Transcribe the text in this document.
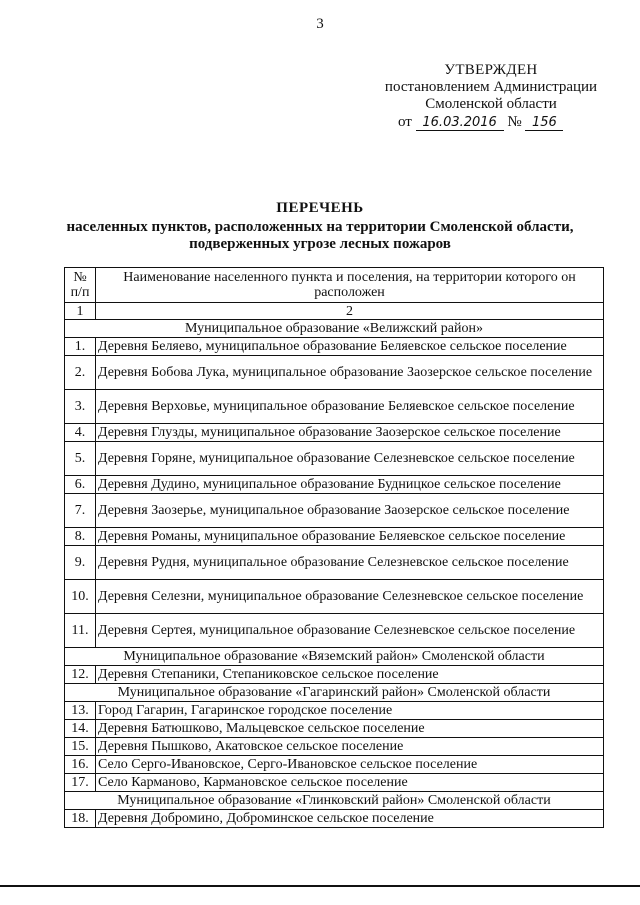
3
УТВЕРЖДЕН
постановлением Администрации
Смоленской области
от 16.03.2016 № 156
ПЕРЕЧЕНЬ
населенных пунктов, расположенных на территории Смоленской области,
подверженных угрозе лесных пожаров
№ п/п	Наименование населенного пункта и поселения, на территории которого он расположен
1	2
Муниципальное образование «Велижский район»	
1.	Деревня Беляево, муниципальное образование Беляевское сельское поселение
2.	Деревня Бобова Лука, муниципальное образование Заозерское сельское поселение
3.	Деревня Верховье, муниципальное образование Беляевское сельское поселение
4.	Деревня Глузды, муниципальное образование Заозерское сельское поселение
5.	Деревня Горяне, муниципальное образование Селезневское сельское поселение
6.	Деревня Дудино, муниципальное образование Будницкое сельское поселение
7.	Деревня Заозерье, муниципальное образование Заозерское сельское поселение
8.	Деревня Романы, муниципальное образование Беляевское сельское поселение
9.	Деревня Рудня, муниципальное образование Селезневское сельское поселение
10.	Деревня Селезни, муниципальное образование Селезневское сельское поселение
11.	Деревня Сертея, муниципальное образование Селезневское сельское поселение
Муниципальное образование «Вяземский район» Смоленской области	
12.	Деревня Степаники, Степаниковское сельское поселение
Муниципальное образование «Гагаринский район» Смоленской области	
13.	Город Гагарин, Гагаринское городское поселение
14.	Деревня Батюшково, Мальцевское сельское поселение
15.	Деревня Пышково, Акатовское сельское поселение
16.	Село Серго-Ивановское, Серго-Ивановское сельское поселение
17.	Село Карманово, Кармановское сельское поселение
Муниципальное образование «Глинковский район» Смоленской области	
18.	Деревня Добромино, Доброминское сельское поселение
